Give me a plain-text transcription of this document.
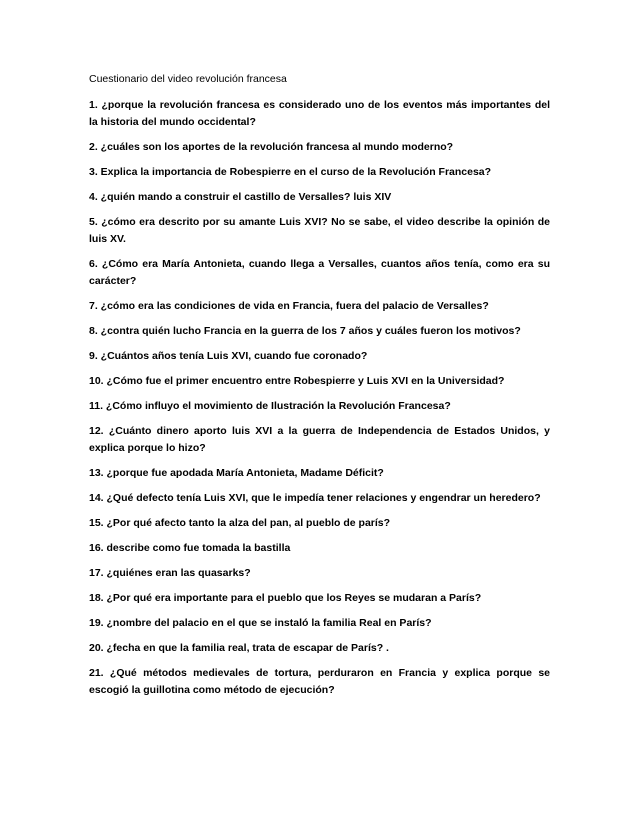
Cuestionario del video revolución francesa

1. ¿porque la revolución francesa es considerado uno de los eventos más importantes del la historia del mundo occidental?

2. ¿cuáles son los aportes de la revolución francesa al mundo moderno?

3. Explica la importancia de Robespierre en el curso de la Revolución Francesa?

4. ¿quién mando a construir el castillo de Versalles? luis XIV

5. ¿cómo era descrito por su amante Luis XVI? No se sabe, el video describe la opinión de luis XV.

6. ¿Cómo era María Antonieta, cuando llega a Versalles, cuantos años tenía, como era su carácter?

7. ¿cómo era las condiciones de vida en Francia, fuera del palacio de Versalles?

8. ¿contra quién lucho Francia en la guerra de los 7 años y cuáles fueron los motivos?

9. ¿Cuántos años tenía Luis XVI, cuando fue coronado?

10. ¿Cómo fue el primer encuentro entre Robespierre y Luis XVI en la Universidad?

11. ¿Cómo influyo el movimiento de Ilustración la Revolución Francesa?

12. ¿Cuánto dinero aporto luis XVI a la guerra de Independencia de Estados Unidos, y explica porque lo hizo?

13. ¿porque fue apodada María Antonieta, Madame Déficit?

14. ¿Qué defecto tenía Luis XVI, que le impedía tener relaciones y engendrar un heredero?

15. ¿Por qué afecto tanto la alza del pan, al pueblo de parís?

16. describe como fue tomada la bastilla

17. ¿quiénes eran las quasarks?

18. ¿Por qué era importante para el pueblo que los Reyes se mudaran a París?

19. ¿nombre del palacio en el que se instaló la familia Real en París?

20. ¿fecha en que la familia real, trata de escapar de París? .

21. ¿Qué métodos medievales de tortura, perduraron en Francia y explica porque se escogió la guillotina como método de ejecución?
